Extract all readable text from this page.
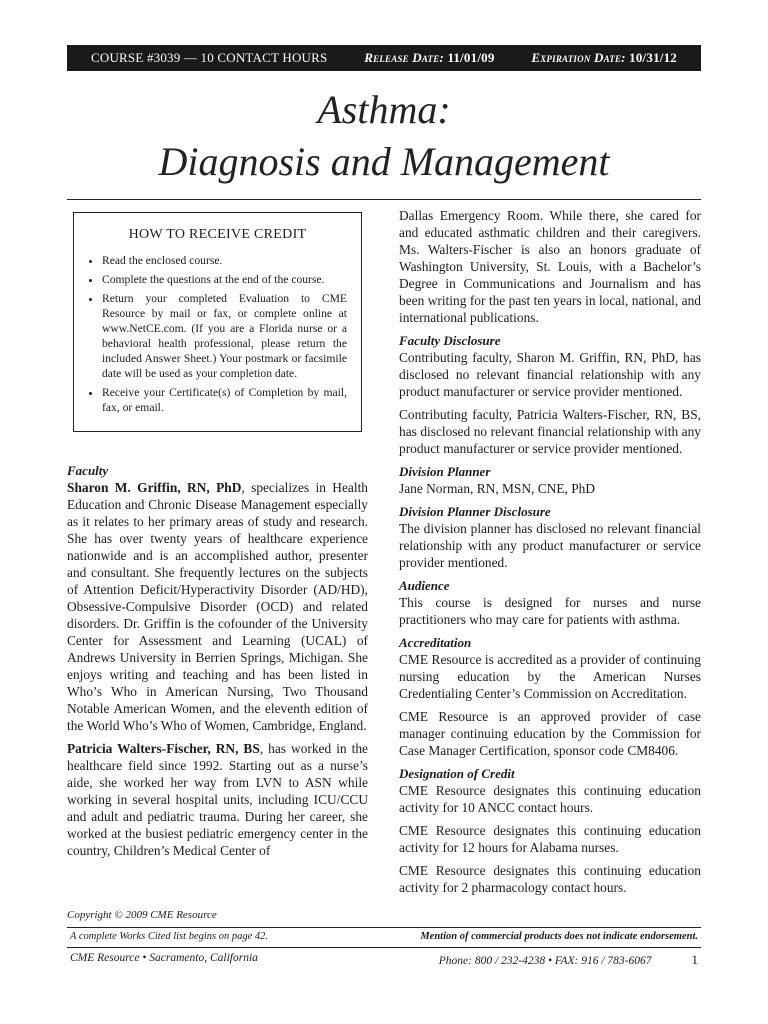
COURSE #3039 — 10 CONTACT HOURS	Release Date: 11/01/09	Expiration Date: 10/31/12
Asthma:
Diagnosis and Management
HOW TO RECEIVE CREDIT
• Read the enclosed course.
• Complete the questions at the end of the course.
• Return your completed Evaluation to CME Resource by mail or fax, or complete online at www.NetCE.com. (If you are a Florida nurse or a behavioral health professional, please return the included Answer Sheet.) Your postmark or facsimile date will be used as your completion date.
• Receive your Certificate(s) of Completion by mail, fax, or email.
Faculty

Sharon M. Griffin, RN, PhD, specializes in Health Education and Chronic Disease Management especially as it relates to her primary areas of study and research. She has over twenty years of healthcare experience nationwide and is an accomplished author, presenter and consultant. She frequently lectures on the subjects of Attention Deficit/Hyperactivity Disorder (AD/HD), Obsessive-Compulsive Disorder (OCD) and related disorders. Dr. Griffin is the cofounder of the University Center for Assessment and Learning (UCAL) of Andrews University in Berrien Springs, Michigan. She enjoys writing and teaching and has been listed in Who’s Who in American Nursing, Two Thousand Notable American Women, and the eleventh edition of the World Who’s Who of Women, Cambridge, England.

Patricia Walters-Fischer, RN, BS, has worked in the healthcare field since 1992. Starting out as a nurse’s aide, she worked her way from LVN to ASN while working in several hospital units, including ICU/CCU and adult and pediatric trauma. During her career, she worked at the busiest pediatric emergency center in the country, Children’s Medical Center of

Dallas Emergency Room. While there, she cared for and educated asthmatic children and their caregivers. Ms. Walters-Fischer is also an honors graduate of Washington University, St. Louis, with a Bachelor’s Degree in Communications and Journalism and has been writing for the past ten years in local, national, and international publications.

Faculty Disclosure

Contributing faculty, Sharon M. Griffin, RN, PhD, has disclosed no relevant financial relationship with any product manufacturer or service provider mentioned.

Contributing faculty, Patricia Walters-Fischer, RN, BS, has disclosed no relevant financial relationship with any product manufacturer or service provider mentioned.

Division Planner

Jane Norman, RN, MSN, CNE, PhD

Division Planner Disclosure

The division planner has disclosed no relevant financial relationship with any product manufacturer or service provider mentioned.

Audience

This course is designed for nurses and nurse practitioners who may care for patients with asthma.

Accreditation

CME Resource is accredited as a provider of continuing nursing education by the American Nurses Credentialing Center’s Commission on Accreditation.

CME Resource is an approved provider of case manager continuing education by the Commission for Case Manager Certification, sponsor code CM8406.

Designation of Credit

CME Resource designates this continuing education activity for 10 ANCC contact hours.

CME Resource designates this continuing education activity for 12 hours for Alabama nurses.

CME Resource designates this continuing education activity for 2 pharmacology contact hours.

Copyright © 2009 CME Resource
A complete Works Cited list begins on page 42.	Mention of commercial products does not indicate endorsement.
CME Resource • Sacramento, California	Phone: 800 / 232-4238 • FAX: 916 / 783-6067	1
